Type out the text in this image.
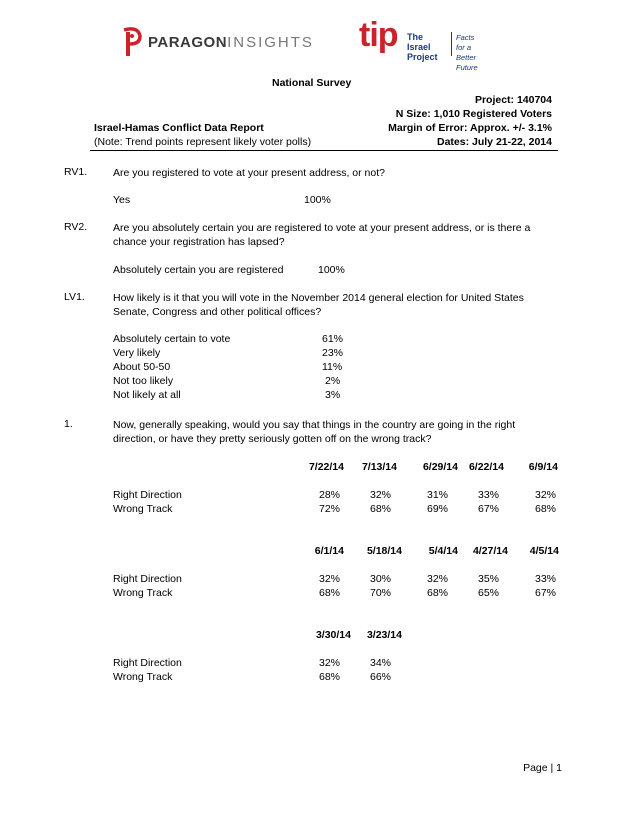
PARAGONINSIGHTS tip The Israel
Project
Facts for a
Better Future
National Survey
Project: 140704
N Size: 1,010 Registered Voters
Israel-Hamas Conflict Data Report	Margin of Error: Approx. +/- 3.1%
(Note: Trend points represent likely voter polls)	Dates: July 21-22, 2014
RV1. Are you registered to vote at your present address, or not?
Yes	100%
RV2. Are you absolutely certain you are registered to vote at your present address, or is there a chance your registration has lapsed?
Absolutely certain you are registered	100%
LV1.	How likely is it that you will vote in the November 2014 general election for United States Senate, Congress and other political offices?
Absolutely certain to vote	61%
Very likely	23%
About 50-50	11%
Not too likely	2%
Not likely at all	3%
1.	Now, generally speaking, would you say that things in the country are going in the right direction, or have they pretty seriously gotten off on the wrong track?
7/22/14 7/13/14 6/29/14 6/22/14 6/9/14
Right Direction	28%	32%	31%	33%	32%
Wrong Track	72%	68%	69%	67%	68%
6/1/14 5/18/14	5/4/14 4/27/14 4/5/14
Right Direction	32%	30%	32%	35%	33%
Wrong Track	68%	70%	68%	65%	67%
3/30/14 3/23/14
Right Direction	32%	34%
Wrong Track	68%	66%
Page | 1
